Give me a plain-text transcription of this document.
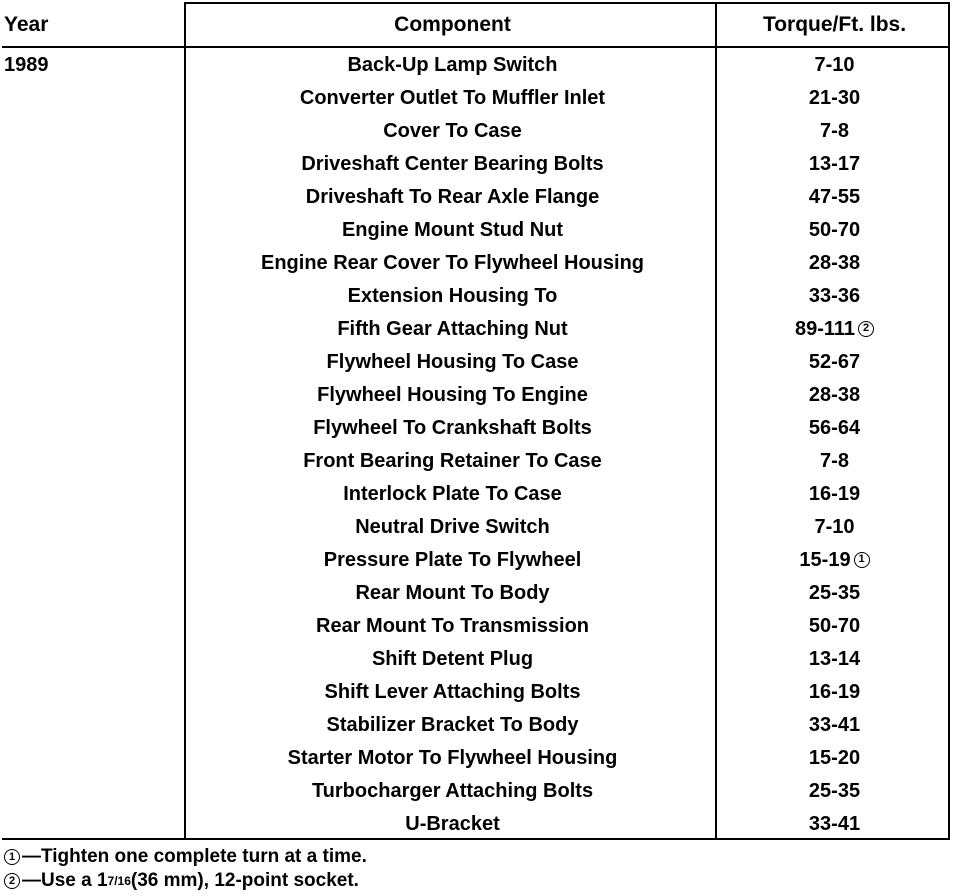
Year	Component	Torque/Ft. lbs.
1989	Back-Up Lamp Switch	7-10
Converter Outlet To Muffler Inlet	21-30
Cover To Case	7-8
Driveshaft Center Bearing Bolts	13-17
Driveshaft To Rear Axle Flange	47-55
Engine Mount Stud Nut	50-70
Engine Rear Cover To Flywheel Housing	28-38
Extension Housing To	33-36
Fifth Gear Attaching Nut	89-111 2
Flywheel Housing To Case	52-67
Flywheel Housing To Engine	28-38
Flywheel To Crankshaft Bolts	56-64
Front Bearing Retainer To Case	7-8
Interlock Plate To Case	16-19
Neutral Drive Switch	7-10
Pressure Plate To Flywheel	15-19 1
Rear Mount To Body	25-35
Rear Mount To Transmission	50-70
Shift Detent Plug	13-14
Shift Lever Attaching Bolts	16-19
Stabilizer Bracket To Body	33-41
Starter Motor To Flywheel Housing	15-20
Turbocharger Attaching Bolts	25-35
U-Bracket	33-41
1 —Tighten one complete turn at a time.
2 —Use a 1 7/16 (36 mm), 12-point socket.
